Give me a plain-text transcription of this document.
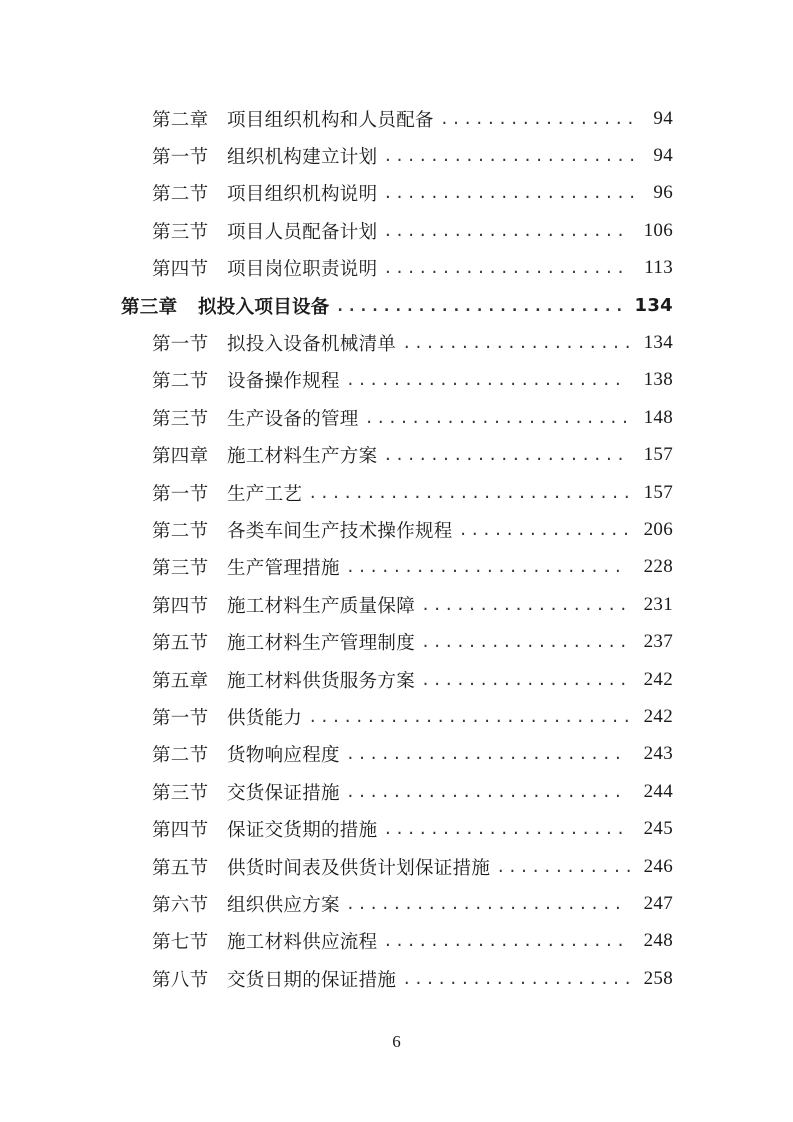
第二章 项目组织机构和人员配备 ................. 94
第一节 组织机构建立计划 ...................... 94
第二节 项目组织机构说明 ...................... 96
第三节 项目人员配备计划 ..................... 106
第四节 项目岗位职责说明 ..................... 113
第三章 拟投入项目设备 ......................... 134
第一节 拟投入设备机械清单 .................... 134
第二节 设备操作规程 ........................ 138
第三节 生产设备的管理 ....................... 148
第四章 施工材料生产方案 ..................... 157
第一节 生产工艺 ............................ 157
第二节 各类车间生产技术操作规程 ............... 206
第三节 生产管理措施 ........................ 228
第四节 施工材料生产质量保障 .................. 231
第五节 施工材料生产管理制度 .................. 237
第五章 施工材料供货服务方案 .................. 242
第一节 供货能力 ............................ 242
第二节 货物响应程度 ........................ 243
第三节 交货保证措施 ........................ 244
第四节 保证交货期的措施 ..................... 245
第五节 供货时间表及供货计划保证措施 ............ 246
第六节 组织供应方案 ........................ 247
第七节 施工材料供应流程 ..................... 248
第八节 交货日期的保证措施 .................... 258
6
